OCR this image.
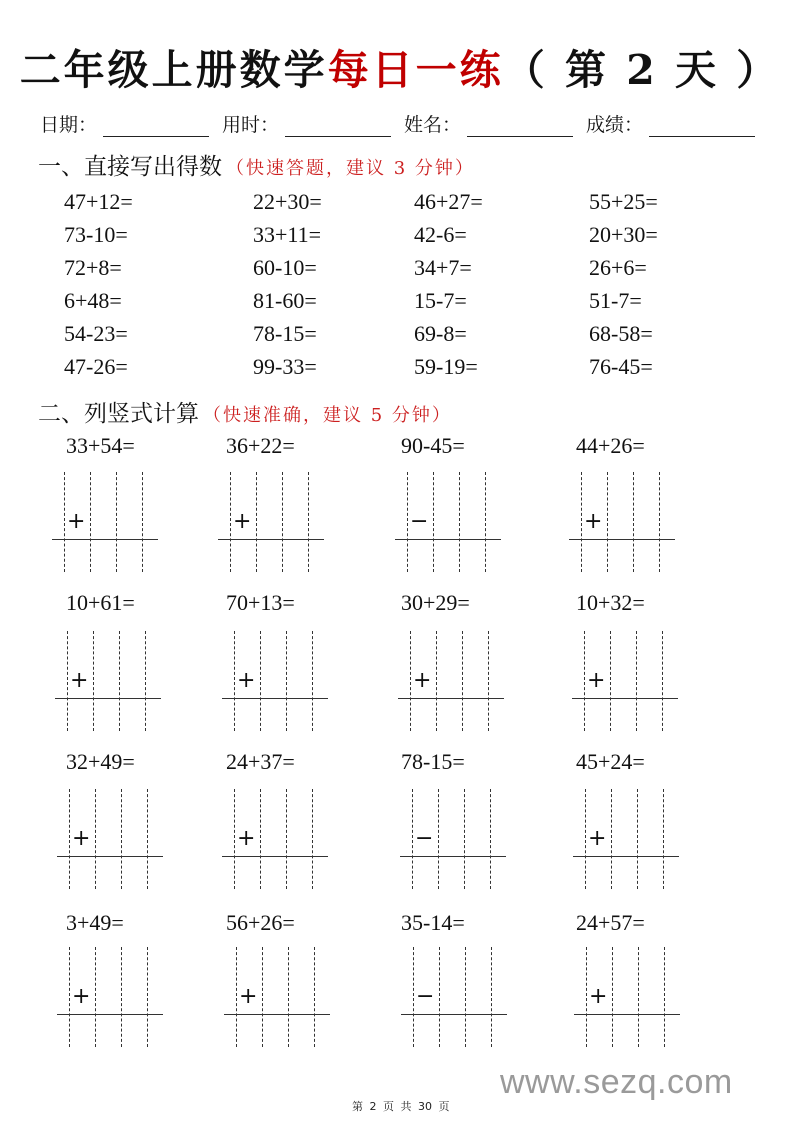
二年级上册数学每日一练（ 第 2 天 ）
日期：	用时：	姓名：	成绩：
一、直接写出得数 （快速答题，建议 3 分钟）
47+12=	22+30=	46+27=	55+25=
73-10=	33+11=	42-6=	20+30=
72+8=	60-10=	34+7=	26+6=
6+48=	81-60=	15-7=	51-7=
54-23=	78-15=	69-8=	68-58=
47-26=	99-33=	59-19=	76-45=
二、列竖式计算 （快速准确，建议 5 分钟）
33+54=
+
36+22=
+
90-45=
−
44+26=
+
10+61=
+
70+13=
+
30+29=
+
10+32=
+
32+49=
+
24+37=
+
78-15=
−
45+24=
+
3+49=
+
56+26=
+
35-14=
−
24+57=
+
www.sezq.com
第 2 页 共 30 页
